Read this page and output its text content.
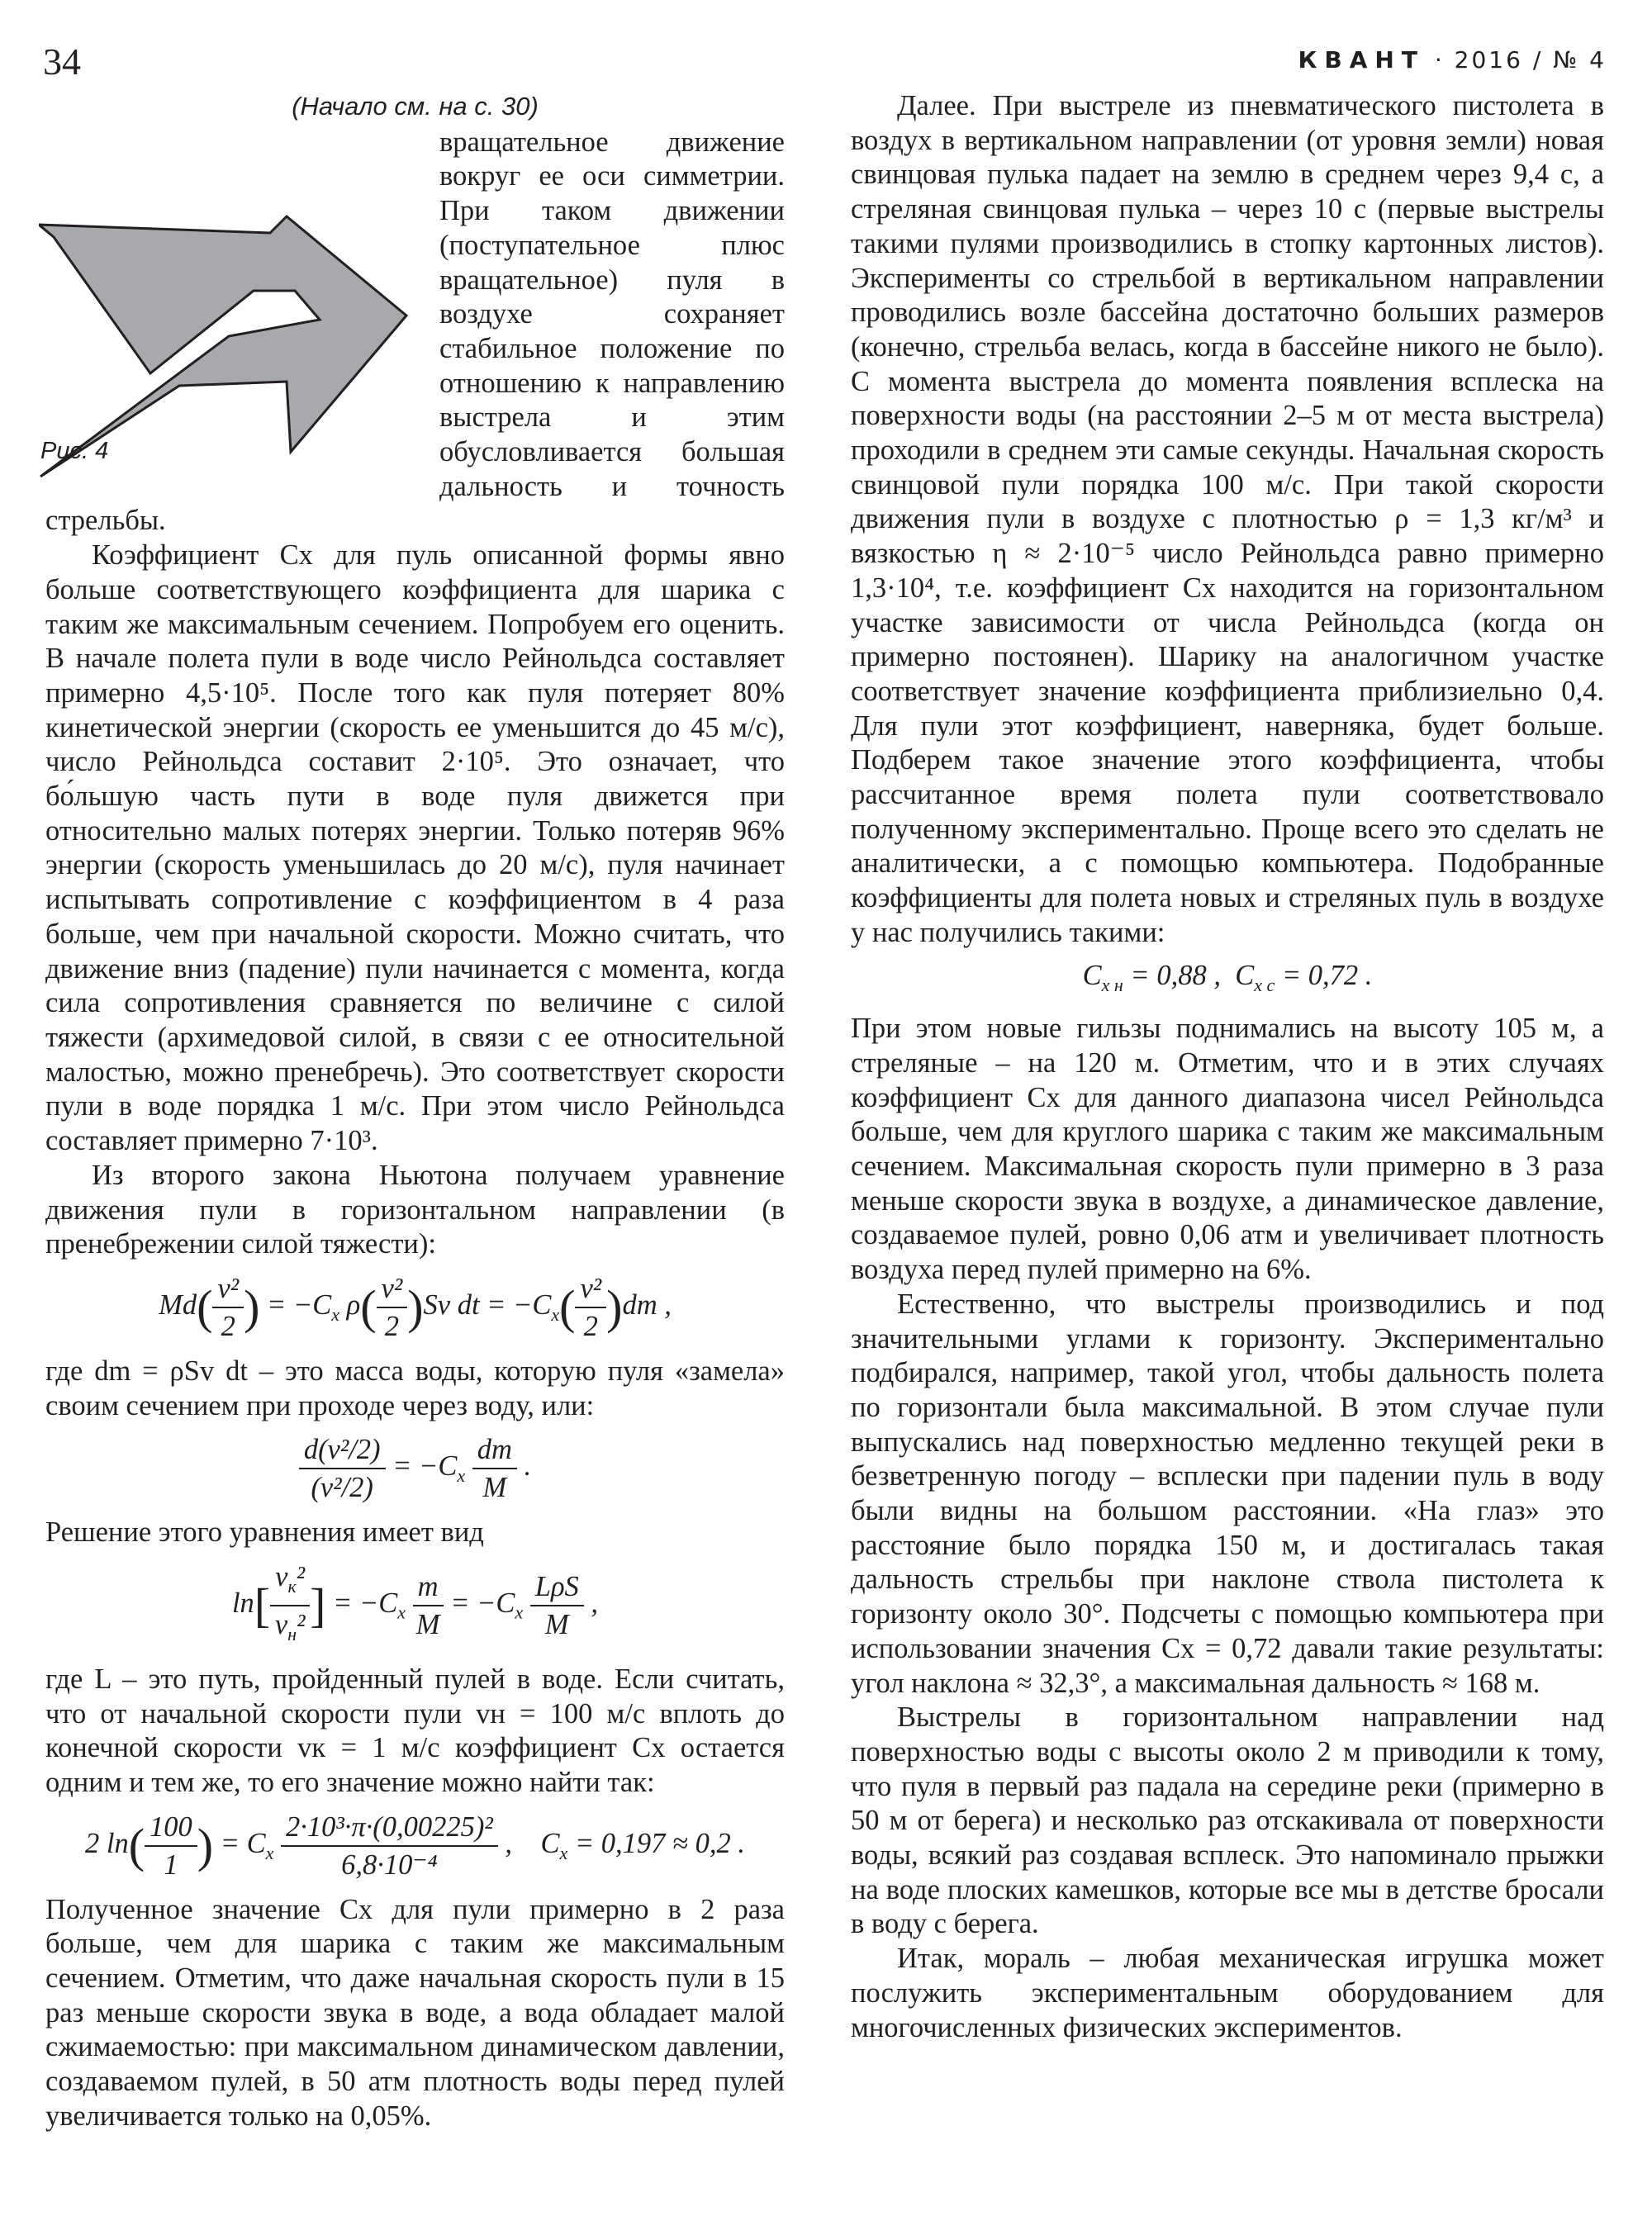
34	КВАНТ · 2016 / № 4
(Начало см. на с. 30)
Рис. 4

вращательное движение вокруг ее оси симметрии. При таком движении (поступательное плюс вращательное) пуля в воздухе сохраняет стабильное положение по отношению к направлению выстрела и этим обусловливается большая дальность и точность стрельбы.

Коэффициент Cx для пуль описанной формы явно больше соответствующего коэффициента для шарика с таким же максимальным сечением. Попробуем его оценить. В начале полета пули в воде число Рейнольдса составляет примерно 4,5·10⁵. После того как пуля потеряет 80% кинетической энергии (скорость ее уменьшится до 45 м/с), число Рейнольдса составит 2·10⁵. Это означает, что бо́льшую часть пути в воде пуля движется при относительно малых потерях энергии. Только потеряв 96% энергии (скорость уменьшилась до 20 м/с), пуля начинает испытывать сопротивление с коэффициентом в 4 раза больше, чем при начальной скорости. Можно считать, что движение вниз (падение) пули начинается с момента, когда сила сопротивления сравняется по величине с силой тяжести (архимедовой силой, в связи с ее относительной малостью, можно пренебречь). Это соответствует скорости пули в воде порядка 1 м/с. При этом число Рейнольдса составляет примерно 7·10³.

Из второго закона Ньютона получаем уравнение движения пули в горизонтальном направлении (в пренебрежении силой тяжести):

$Md( \frac{\text{v²}}{2}$ ) = $-C_x$ $\rho( \frac{\text{v²}}{2} )Sv$ dt = $-C_x( \frac{\text{v²}}{2} )dm$ ,

где dm = ρSv dt – это масса воды, которую пуля «замела» своим сечением при проходе через воду, или:

$\frac{\text{d(v²/2)}}{\text{(v²/2)}} = -C_x \frac{dm}{M}$ .

Решение этого уравнения имеет вид

$\ln[ \frac{v_к^2}{v_н^2}$ ] = $-C_x \frac{m}{M} = -C_x \frac{\text{LρS}}{M}$ ,

где L – это путь, пройденный пулей в воде. Если считать, что от начальной скорости пули vн = 100 м/с вплоть до конечной скорости vк = 1 м/с коэффициент Cx остается одним и тем же, то его значение можно найти так:

2 $\ln( \frac{100}{1}$ ) = $C_x \frac{\text{2·10³·π·(0,00225)²}}{\text{6,8·10⁻⁴}}$ ,    $C_x = 0,197 \approx 0,2$ .

Полученное значение Cx для пули примерно в 2 раза больше, чем для шарика с таким же максимальным сечением. Отметим, что даже начальная скорость пули в 15 раз меньше скорости звука в воде, а вода обладает малой сжимаемостью: при максимальном динамическом давлении, создаваемом пулей, в 50 атм плотность воды перед пулей увеличивается только на 0,05%.

Далее. При выстреле из пневматического пистолета в воздух в вертикальном направлении (от уровня земли) новая свинцовая пулька падает на землю в среднем через 9,4 с, а стреляная свинцовая пулька – через 10 с (первые выстрелы такими пулями производились в стопку картонных листов). Эксперименты со стрельбой в вертикальном направлении проводились возле бассейна достаточно больших размеров (конечно, стрельба велась, когда в бассейне никого не было). С момента выстрела до момента появления всплеска на поверхности воды (на расстоянии 2–5 м от места выстрела) проходили в среднем эти самые секунды. Начальная скорость свинцовой пули порядка 100 м/с. При такой скорости движения пули в воздухе с плотностью ρ = 1,3 кг/м³ и вязкостью η ≈ 2·10⁻⁵ число Рейнольдса равно примерно 1,3·10⁴, т.е. коэффициент Cx находится на горизонтальном участке зависимости от числа Рейнольдса (когда он примерно постоянен). Шарику на аналогичном участке соответствует значение коэффициента приблизиельно 0,4. Для пули этот коэффициент, наверняка, будет больше. Подберем такое значение этого коэффициента, чтобы рассчитанное время полета пули соответствовало полученному экспериментально. Проще всего это сделать не аналитически, а с помощью компьютера. Подобранные коэффициенты для полета новых и стреляных пуль в воздухе у нас получились такими:

$C_{x н} = 0,88$ ,  $C_{x с} = 0,72$ .

При этом новые гильзы поднимались на высоту 105 м, а стреляные – на 120 м. Отметим, что и в этих случаях коэффициент Cx для данного диапазона чисел Рейнольдса больше, чем для круглого шарика с таким же максимальным сечением. Максимальная скорость пули примерно в 3 раза меньше скорости звука в воздухе, а динамическое давление, создаваемое пулей, ровно 0,06 атм и увеличивает плотность воздуха перед пулей примерно на 6%.

Естественно, что выстрелы производились и под значительными углами к горизонту. Экспериментально подбирался, например, такой угол, чтобы дальность полета по горизонтали была максимальной. В этом случае пули выпускались над поверхностью медленно текущей реки в безветренную погоду – всплески при падении пуль в воду были видны на большом расстоянии. «На глаз» это расстояние было порядка 150 м, и достигалась такая дальность стрельбы при наклоне ствола пистолета к горизонту около 30°. Подсчеты с помощью компьютера при использовании значения Cx = 0,72 давали такие результаты: угол наклона ≈ 32,3°, а максимальная дальность ≈ 168 м.

Выстрелы в горизонтальном направлении над поверхностью воды с высоты около 2 м приводили к тому, что пуля в первый раз падала на середине реки (примерно в 50 м от берега) и несколько раз отскакивала от поверхности воды, всякий раз создавая всплеск. Это напоминало прыжки на воде плоских камешков, которые все мы в детстве бросали в воду с берега.

Итак, мораль – любая механическая игрушка может послужить экспериментальным оборудованием для многочисленных физических экспериментов.
